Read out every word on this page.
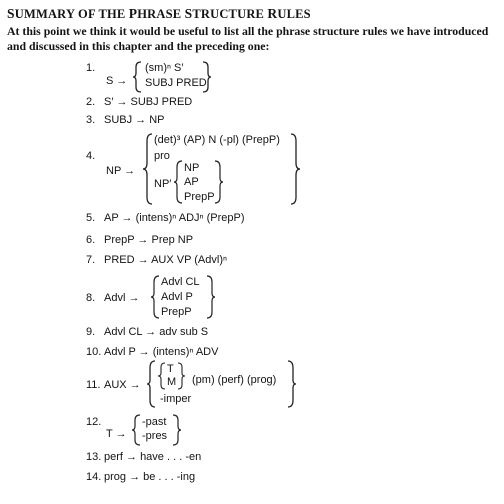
SUMMARY OF THE PHRASE STRUCTURE RULES
At this point we think it would be useful to list all the phrase structure rules we have introduced and discussed in this chapter and the preceding one:
1.
S →
(sm)ⁿ S′
SUBJ PRED
2. S′ → SUBJ PRED
3. SUBJ → NP
4.
NP →
(det)³ (AP) N (-pl) (PrepP)
pro
NP′
NP
AP
PrepP
5. AP → (intens)ⁿ ADJⁿ (PrepP)
6. PrepP → Prep NP
7. PRED → AUX VP (Advl)ⁿ
8. Advl →
Advl CL
Advl P
PrepP
9. Advl CL → adv sub S
10. Advl P → (intens)ⁿ ADV
11. AUX →
T
M (pm) (perf) (prog)
-imper
12.
T →
-past
-pres
13. perf → have . . . -en
14. prog → be . . . -ing
